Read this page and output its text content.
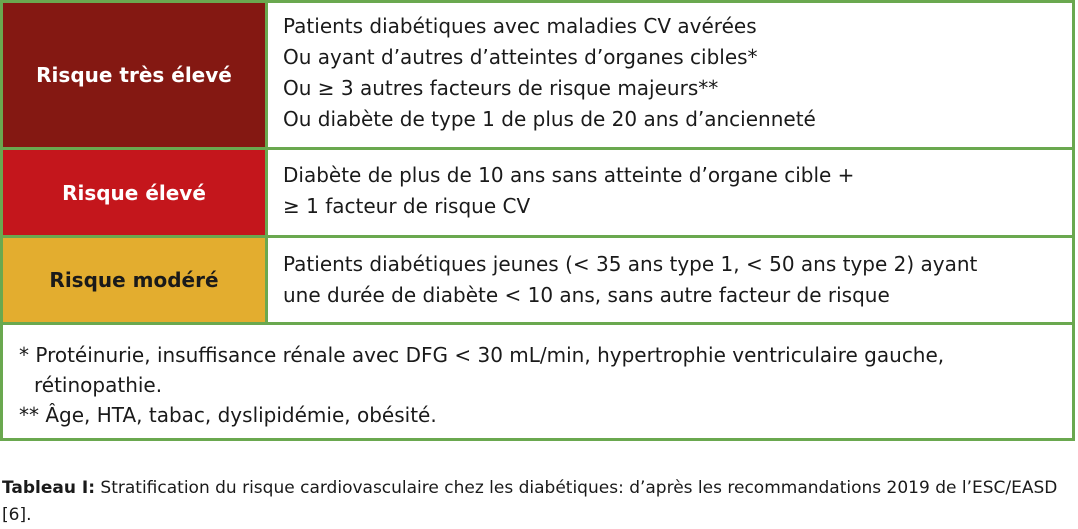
Risque très élevé
Patients diabétiques avec maladies CV avérées
Ou ayant d’autres d’atteintes d’organes cibles*
Ou ≥ 3 autres facteurs de risque majeurs**
Ou diabète de type 1 de plus de 20 ans d’ancienneté
Risque élevé
Diabète de plus de 10 ans sans atteinte d’organe cible +
≥ 1 facteur de risque CV
Risque modéré
Patients diabétiques jeunes (< 35 ans type 1, < 50 ans type 2) ayant
une durée de diabète < 10 ans, sans autre facteur de risque
* Protéinurie, insuffisance rénale avec DFG < 30 mL/min, hypertrophie ventriculaire gauche,
rétinopathie.
** Âge, HTA, tabac, dyslipidémie, obésité.
Tableau I: Stratification du risque cardiovasculaire chez les diabétiques: d’après les recommandations 2019 de l’ESC/EASD [6].
